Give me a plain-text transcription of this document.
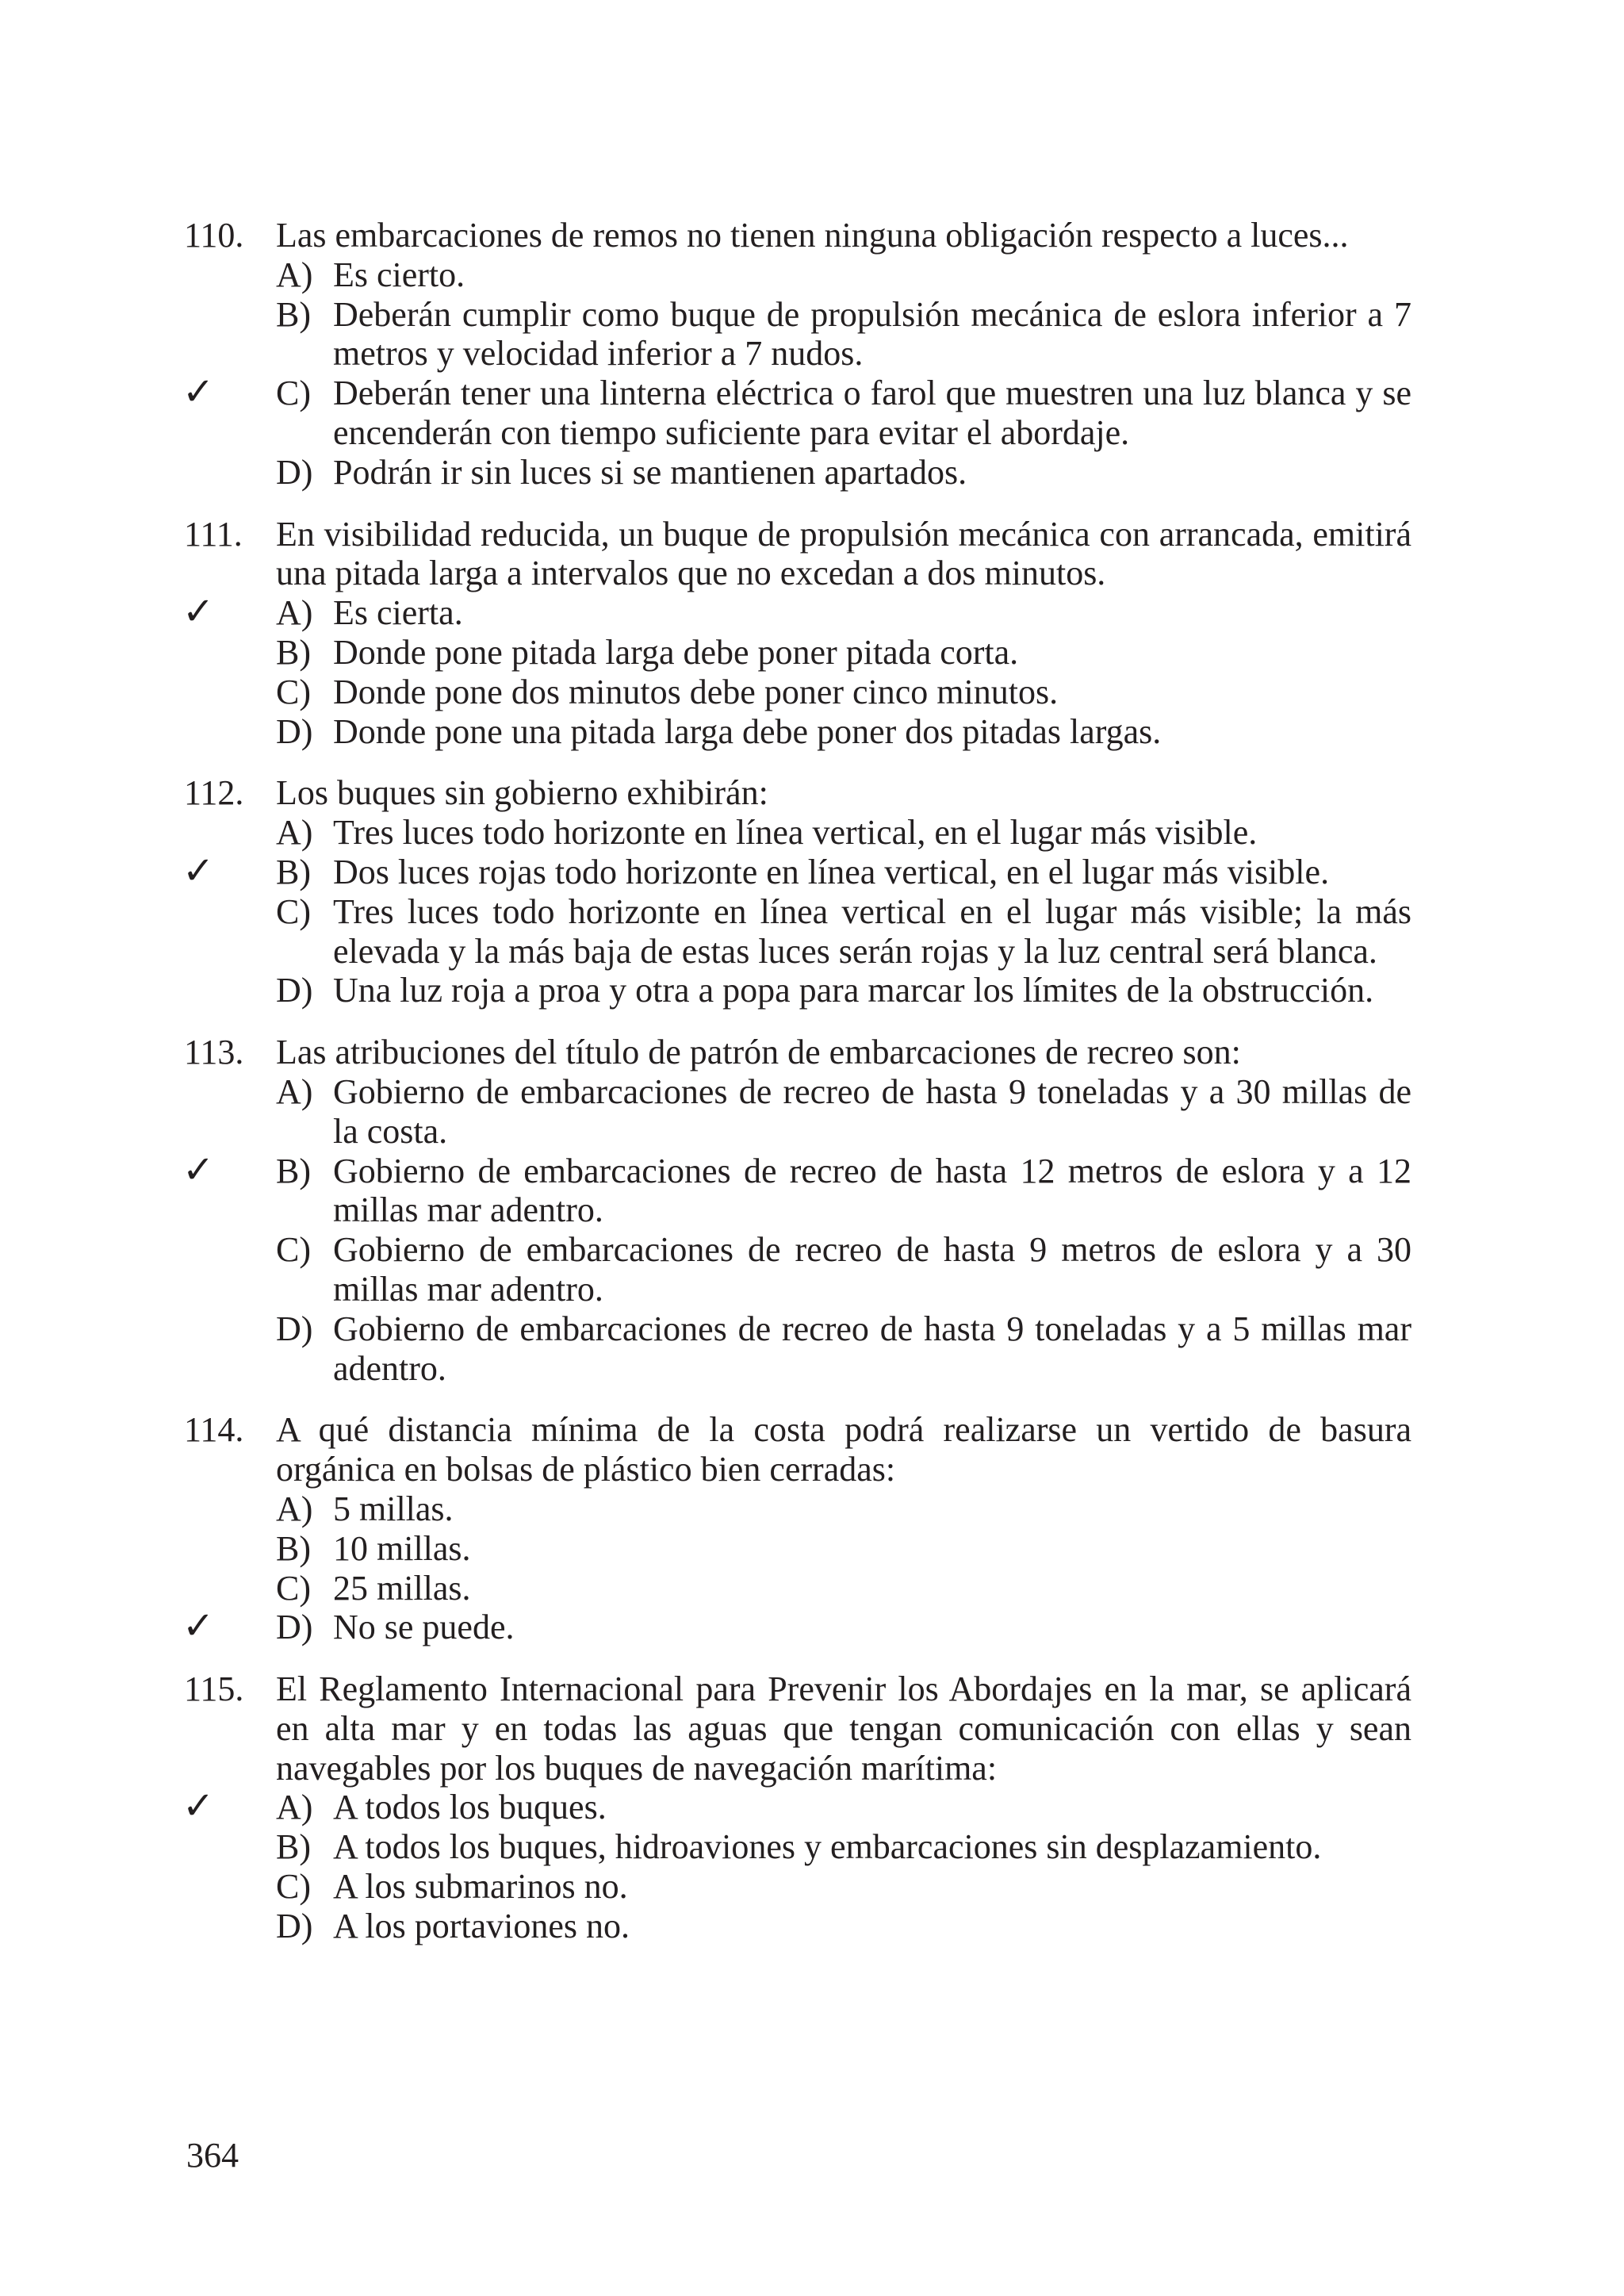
110. Las embarcaciones de remos no tienen ninguna obligación respecto a luces...
A) Es cierto.
B) Deberán cumplir como buque de propulsión mecánica de eslora inferior a 7 metros y velocidad inferior a 7 nudos.
✓ C) Deberán tener una linterna eléctrica o farol que muestren una luz blanca y se encenderán con tiempo suficiente para evitar el abordaje.
D) Podrán ir sin luces si se mantienen apartados.
111. En visibilidad reducida, un buque de propulsión mecánica con arrancada, emitirá una pitada larga a intervalos que no excedan a dos minutos.
✓ A) Es cierta.
B) Donde pone pitada larga debe poner pitada corta.
C) Donde pone dos minutos debe poner cinco minutos.
D) Donde pone una pitada larga debe poner dos pitadas largas.
112. Los buques sin gobierno exhibirán:
A) Tres luces todo horizonte en línea vertical, en el lugar más visible.
✓ B) Dos luces rojas todo horizonte en línea vertical, en el lugar más visible.
C) Tres luces todo horizonte en línea vertical en el lugar más visible; la más elevada y la más baja de estas luces serán rojas y la luz central será blanca.
D) Una luz roja a proa y otra a popa para marcar los límites de la obstrucción.
113. Las atribuciones del título de patrón de embarcaciones de recreo son:
A) Gobierno de embarcaciones de recreo de hasta 9 toneladas y a 30 millas de la costa.
✓ B) Gobierno de embarcaciones de recreo de hasta 12 metros de eslora y a 12 millas mar adentro.
C) Gobierno de embarcaciones de recreo de hasta 9 metros de eslora y a 30 millas mar adentro.
D) Gobierno de embarcaciones de recreo de hasta 9 toneladas y a 5 millas mar adentro.
114. A qué distancia mínima de la costa podrá realizarse un vertido de basura orgánica en bolsas de plástico bien cerradas:
A) 5 millas.
B) 10 millas.
C) 25 millas.
✓ D) No se puede.
115. El Reglamento Internacional para Prevenir los Abordajes en la mar, se aplicará en alta mar y en todas las aguas que tengan comunicación con ellas y sean navegables por los buques de navegación marítima:
✓ A) A todos los buques.
B) A todos los buques, hidroaviones y embarcaciones sin desplazamiento.
C) A los submarinos no.
D) A los portaviones no.
364
